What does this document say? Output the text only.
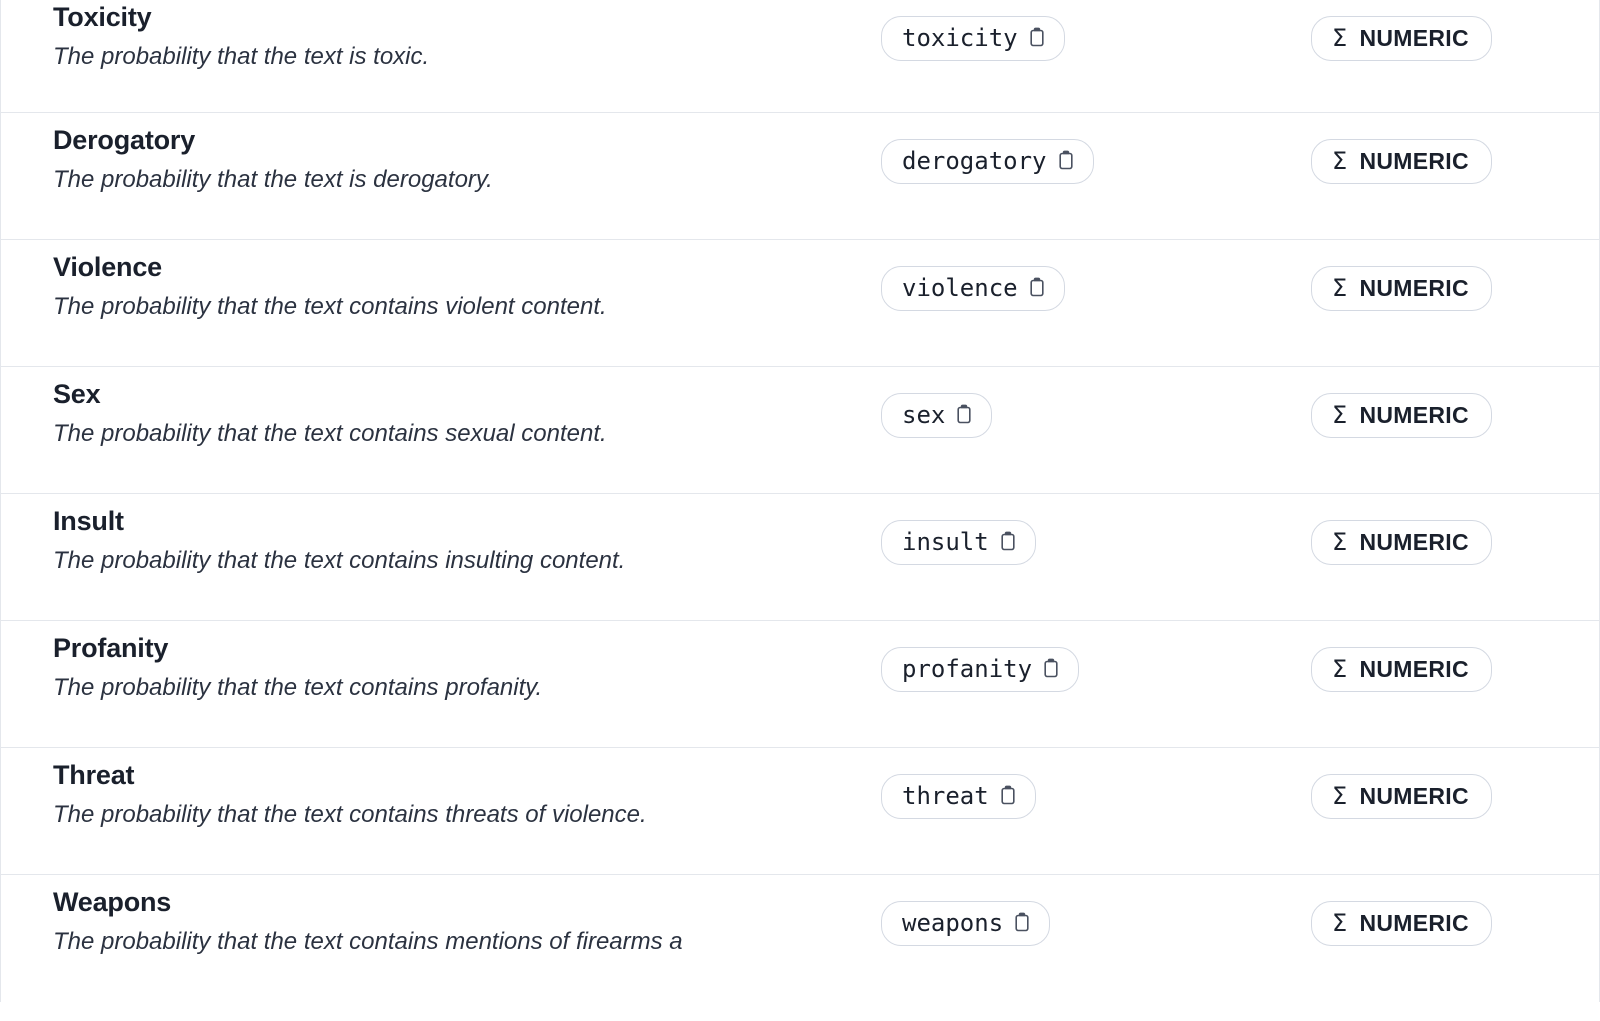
Toxicity
The probability that the text is toxic.
toxicity	Σ NUMERIC
Derogatory
The probability that the text is derogatory.
derogatory	Σ NUMERIC
Violence
The probability that the text contains violent content.
violence	Σ NUMERIC
Sex
The probability that the text contains sexual content.
sex	Σ NUMERIC
Insult
The probability that the text contains insulting content.
insult	Σ NUMERIC
Profanity
The probability that the text contains profanity.
profanity	Σ NUMERIC
Threat
The probability that the text contains threats of violence.
threat	Σ NUMERIC
Weapons
The probability that the text contains mentions of firearms a
weapons	Σ NUMERIC
